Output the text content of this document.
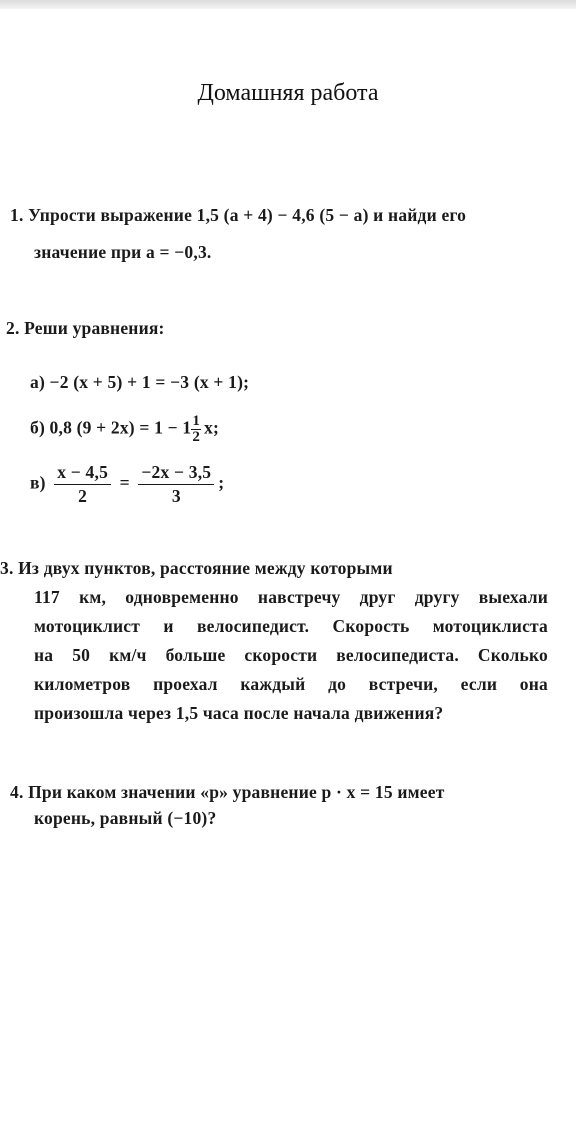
Домашняя работа
1. Упрости выражение 1,5 (a + 4) − 4,6 (5 − a) и найди его
значение при a = −0,3.
2. Реши уравнения:
а) −2 (x + 5) + 1 = −3 (x + 1);
б) 0,8 $(9 + 2x) = 1 - 1 \frac{1}{2} x$;
$в) \frac{x - 4,5}{2} = \frac{-2x - 3,5}{3}$ ;
3. Из двух пунктов, расстояние между которыми
117 км, одновременно навстречу друг другу выехали
мотоциклист и велосипедист. Скорость мотоциклиста
на 50 км/ч больше скорости велосипедиста. Сколько
километров проехал каждый до встречи, если она
произошла через 1,5 часа после начала движения?
4. При каком значении «p» уравнение p · x = 15 имеет
корень, равный (−10)?
